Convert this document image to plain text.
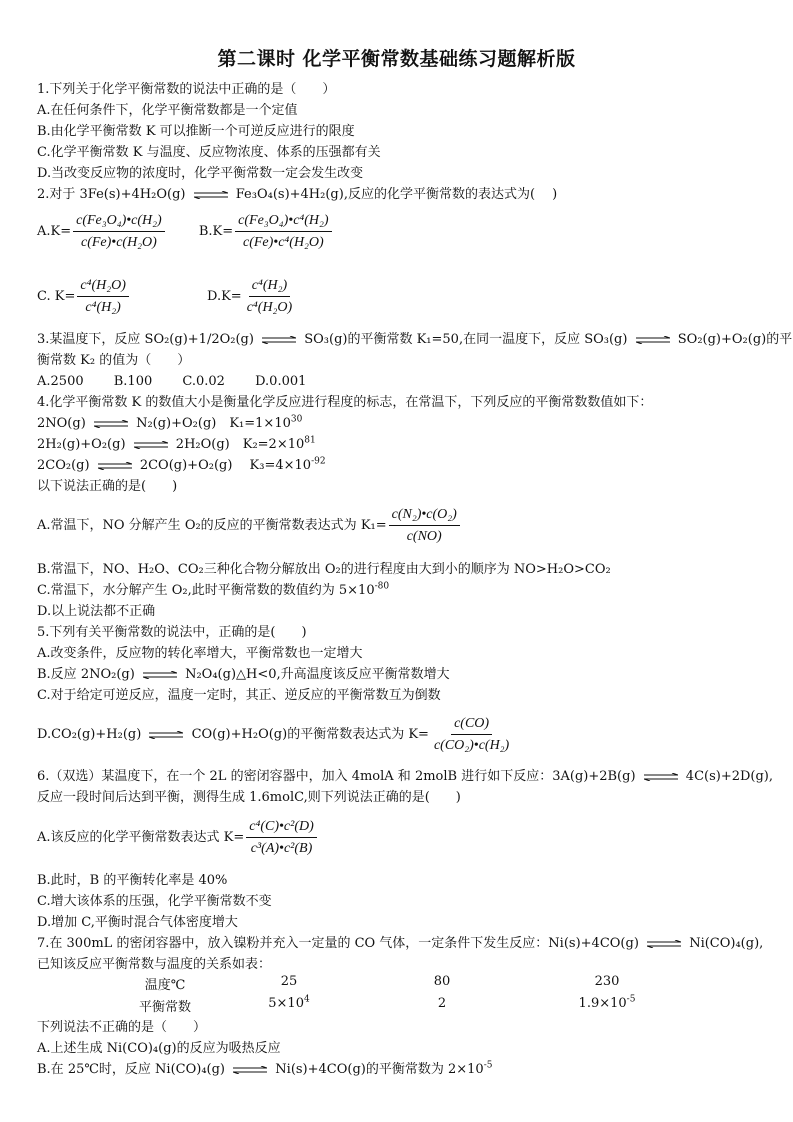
第二课时 化学平衡常数基础练习题解析版
1.下列关于化学平衡常数的说法中正确的是（　　）
A.在任何条件下，化学平衡常数都是一个定值
B.由化学平衡常数 K 可以推断一个可逆反应进行的限度
C.化学平衡常数 K 与温度、反应物浓度、体系的压强都有关
D.当改变反应物的浓度时，化学平衡常数一定会发生改变
2.对于 3Fe(s)+4H₂O(g) ⇌ Fe₃O₄(s)+4H₂(g),反应的化学平衡常数的表达式为(　 )
$A.K= \frac{\text{c(Fe₃O₄)•c(H₂)}}{\text{c(Fe)•c(H₂O)}}$	$B.K= \frac{\text{c(Fe₃O₄)•c⁴(H₂)}}{\text{c(Fe)•c⁴(H₂O)}}$
C. $K= \frac{\text{c⁴(H₂O)}}{\text{c⁴(H₂)}}$	$D.K= \frac{\text{c⁴(H₂)}}{\text{c⁴(H₂O)}}$
3.某温度下，反应 SO₂(g)+1/2O₂(g) ⇌ SO₃(g)的平衡常数 K₁=50,在同一温度下，反应 SO₃(g) ⇌ SO₂(g)+O₂(g)的平
衡常数 K₂ 的值为（　　）
A.2500 B.100 C.0.02 D.0.001
4.化学平衡常数 K 的数值大小是衡量化学反应进行程度的标志，在常温下，下列反应的平衡常数数值如下：
2NO(g) ⇌ N₂(g)+O₂(g)　$K_1=1\times 10^{30}$
2H₂(g)+O₂(g) ⇌ 2H₂O(g)　$K_2=2\times 10^{81}$
2CO₂(g) ⇌ 2CO(g)+O₂(g)　 $K_3=4\times 10^{-92}$
以下说法正确的是(　　)
A.常温下，NO 分解产生 O₂的反应的平衡常数表达式为 $K_1= \frac{\text{c(N₂)•c(O₂)}}{c(NO)}$
B.常温下，NO、H₂O、CO₂三种化合物分解放出 O₂的进行程度由大到小的顺序为 NO>H₂O>CO₂
C.常温下，水分解产生 O₂,此时平衡常数的数值约为 $5\times 10^{-80}$
D.以上说法都不正确
5.下列有关平衡常数的说法中，正确的是(　　)
A.改变条件，反应物的转化率增大，平衡常数也一定增大
B.反应 2NO₂(g) ⇌ N₂O₄(g)△H<0,升高温度该反应平衡常数增大
C.对于给定可逆反应，温度一定时，其正、逆反应的平衡常数互为倒数
D.CO₂(g)+H₂(g) ⇌ CO(g)+H₂O(g)的平衡常数表达式为 $K= \frac{c(CO)}{\text{c(CO₂)•c(H₂)}}$
6.（双选）某温度下，在一个 2L 的密闭容器中，加入 4molA 和 2molB 进行如下反应：3A(g)+2B(g) ⇌ 4C(s)+2D(g),
反应一段时间后达到平衡，测得生成 1.6molC,则下列说法正确的是(　　)
A.该反应的化学平衡常数表达式 $K= \frac{\text{c⁴(C)•c²(D)}}{\text{c³(A)•c²(B)}}$
B.此时，B 的平衡转化率是 40%
C.增大该体系的压强，化学平衡常数不变
D.增加 C,平衡时混合气体密度增大
7.在 300mL 的密闭容器中，放入镍粉并充入一定量的 CO 气体，一定条件下发生反应：Ni(s)+4CO(g) ⇌ Ni(CO)₄(g),
已知该反应平衡常数与温度的关系如表：
温度℃	25	80	230
平衡常数	$5\times 10^4$	2	$1.9\times 10^{-5}$
下列说法不正确的是（　　）
A.上述生成 Ni(CO)₄(g)的反应为吸热反应
B.在 25℃时，反应 Ni(CO)₄(g) ⇌ Ni(s)+4CO(g)的平衡常数为 $2\times 10^{-5}$
